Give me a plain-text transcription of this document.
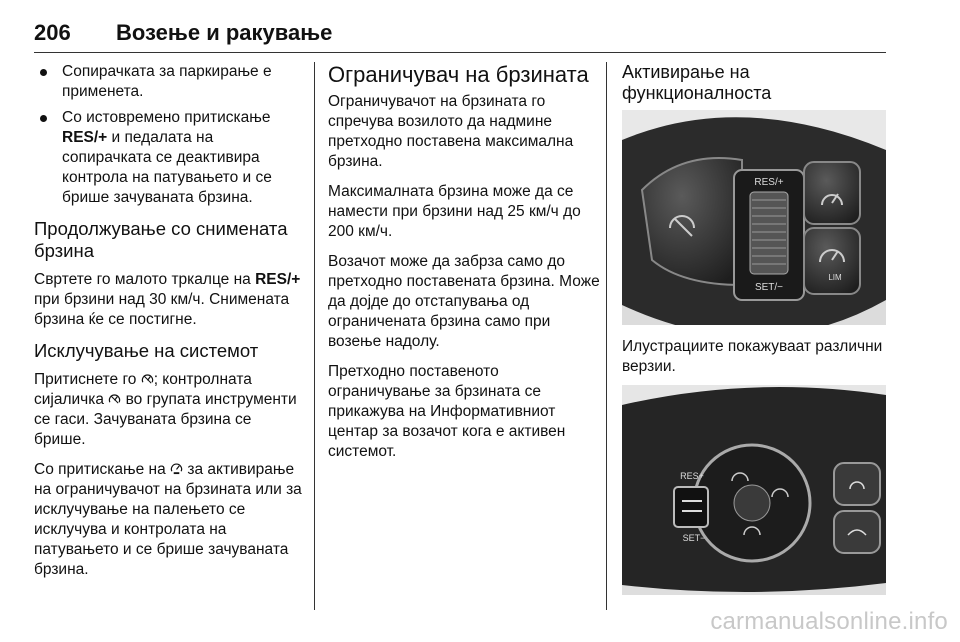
206 Возење и ракување
Сопирачката за паркирање е применета.
Со истовремено притискање RES/+ и педалата на сопирачката се деактивира контрола на патувањето и се брише зачуваната брзина.
Продолжување со снимената брзина

Свртете го малото тркалце на RES/+ при брзини над 30 км/ч. Снимената брзина ќе се постигне.

Исклучување на системот

Притиснете го ; контролната сијаличка  во групата инструменти се гаси. Зачуваната брзина се брише.

Со притискање на  за активирање на ограничувачот на брзината или за исклучување на палењето се исклучува и контролата на патувањето и се брише зачуваната брзина.

Ограничувач на брзината

Ограничувачот на брзината го спречува возилото да надмине претходно поставена максимална брзина.

Максималната брзина може да се намести при брзини над 25 км/ч до 200 км/ч.

Возачот може да забрза само до претходно поставената брзина. Може да дојде до отстапувања од ограничената брзина само при возење надолу.

Претходно поставеното ограничување за брзината се прикажува на Информативниот центар за возачот кога е активен системот.

Активирање на функционалноста
RES/+
SET/−
LIM

Илустрациите покажуваат различни верзии.

RES+
SET−
carmanualsonline.info
